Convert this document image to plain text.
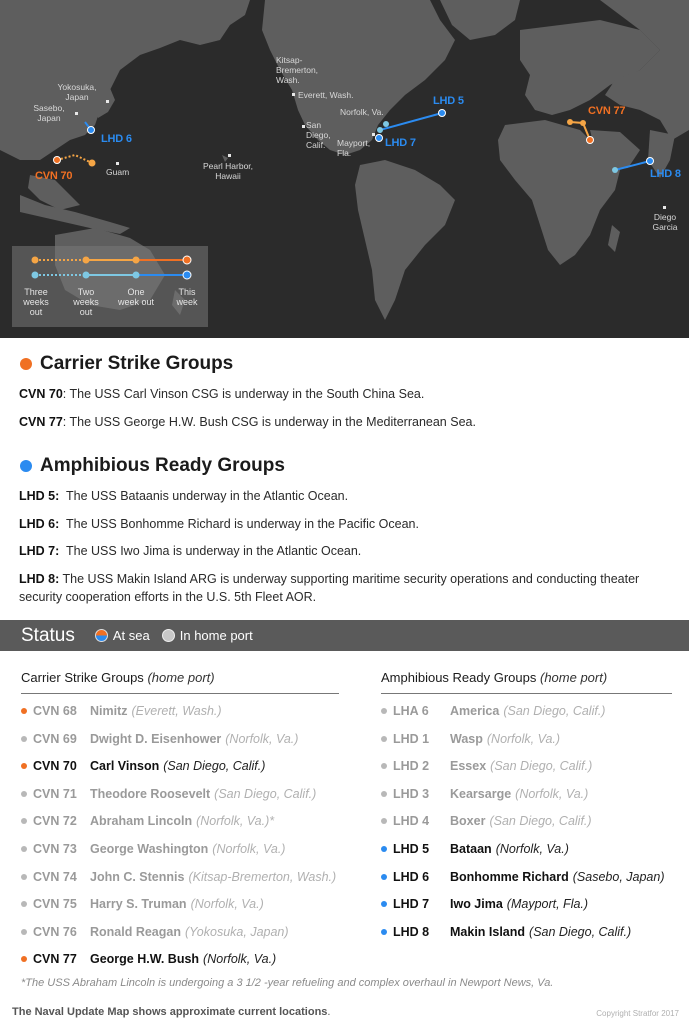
Yokosuka, Japan
Sasebo, Japan
Guam
Pearl Harbor, Hawaii
Kitsap-Bremerton, Wash.
Everett, Wash.
San Diego, Calif.
Norfolk, Va.
Mayport, Fla.
Diego Garcia
CVN 70
LHD 6
LHD 5
LHD 7
CVN 77
LHD 8
Three weeks out
Two weeks out
One week out
This week
Carrier Strike Groups
CVN 70: The USS Carl Vinson CSG is underway in the South China Sea.
CVN 77: The USS George H.W. Bush CSG is underway in the Mediterranean Sea.
Amphibious Ready Groups
LHD 5:  The USS Bataanis underway in the Atlantic Ocean.
LHD 6:  The USS Bonhomme Richard is underway in the Pacific Ocean.
LHD 7:  The USS Iwo Jima is underway in the Atlantic Ocean.
LHD 8: The USS Makin Island ARG is underway supporting maritime security operations and conducting theater security cooperation efforts in the U.S. 5th Fleet AOR.
Status	At sea In home port
Carrier Strike Groups (home port)
CVN 68	Nimitz (Everett, Wash.)
CVN 69	Dwight D. Eisenhower (Norfolk, Va.)
CVN 70	Carl Vinson (San Diego, Calif.)
CVN 71	Theodore Roosevelt (San Diego, Calif.)
CVN 72	Abraham Lincoln (Norfolk, Va.)*
CVN 73	George Washington (Norfolk, Va.)
CVN 74	John C. Stennis (Kitsap-Bremerton, Wash.)
CVN 75	Harry S. Truman (Norfolk, Va.)
CVN 76	Ronald Reagan (Yokosuka, Japan)
CVN 77	George H.W. Bush (Norfolk, Va.)
Amphibious Ready Groups (home port)
LHA 6	America (San Diego, Calif.)
LHD 1	Wasp (Norfolk, Va.)
LHD 2	Essex (San Diego, Calif.)
LHD 3	Kearsarge (Norfolk, Va.)
LHD 4	Boxer (San Diego, Calif.)
LHD 5	Bataan (Norfolk, Va.)
LHD 6	Bonhomme Richard (Sasebo, Japan)
LHD 7	Iwo Jima (Mayport, Fla.)
LHD 8	Makin Island (San Diego, Calif.)
*The USS Abraham Lincoln is undergoing a 3 1/2 -year refueling and complex overhaul in Newport News, Va.
The Naval Update Map shows approximate current locations.	Copyright Stratfor 2017
